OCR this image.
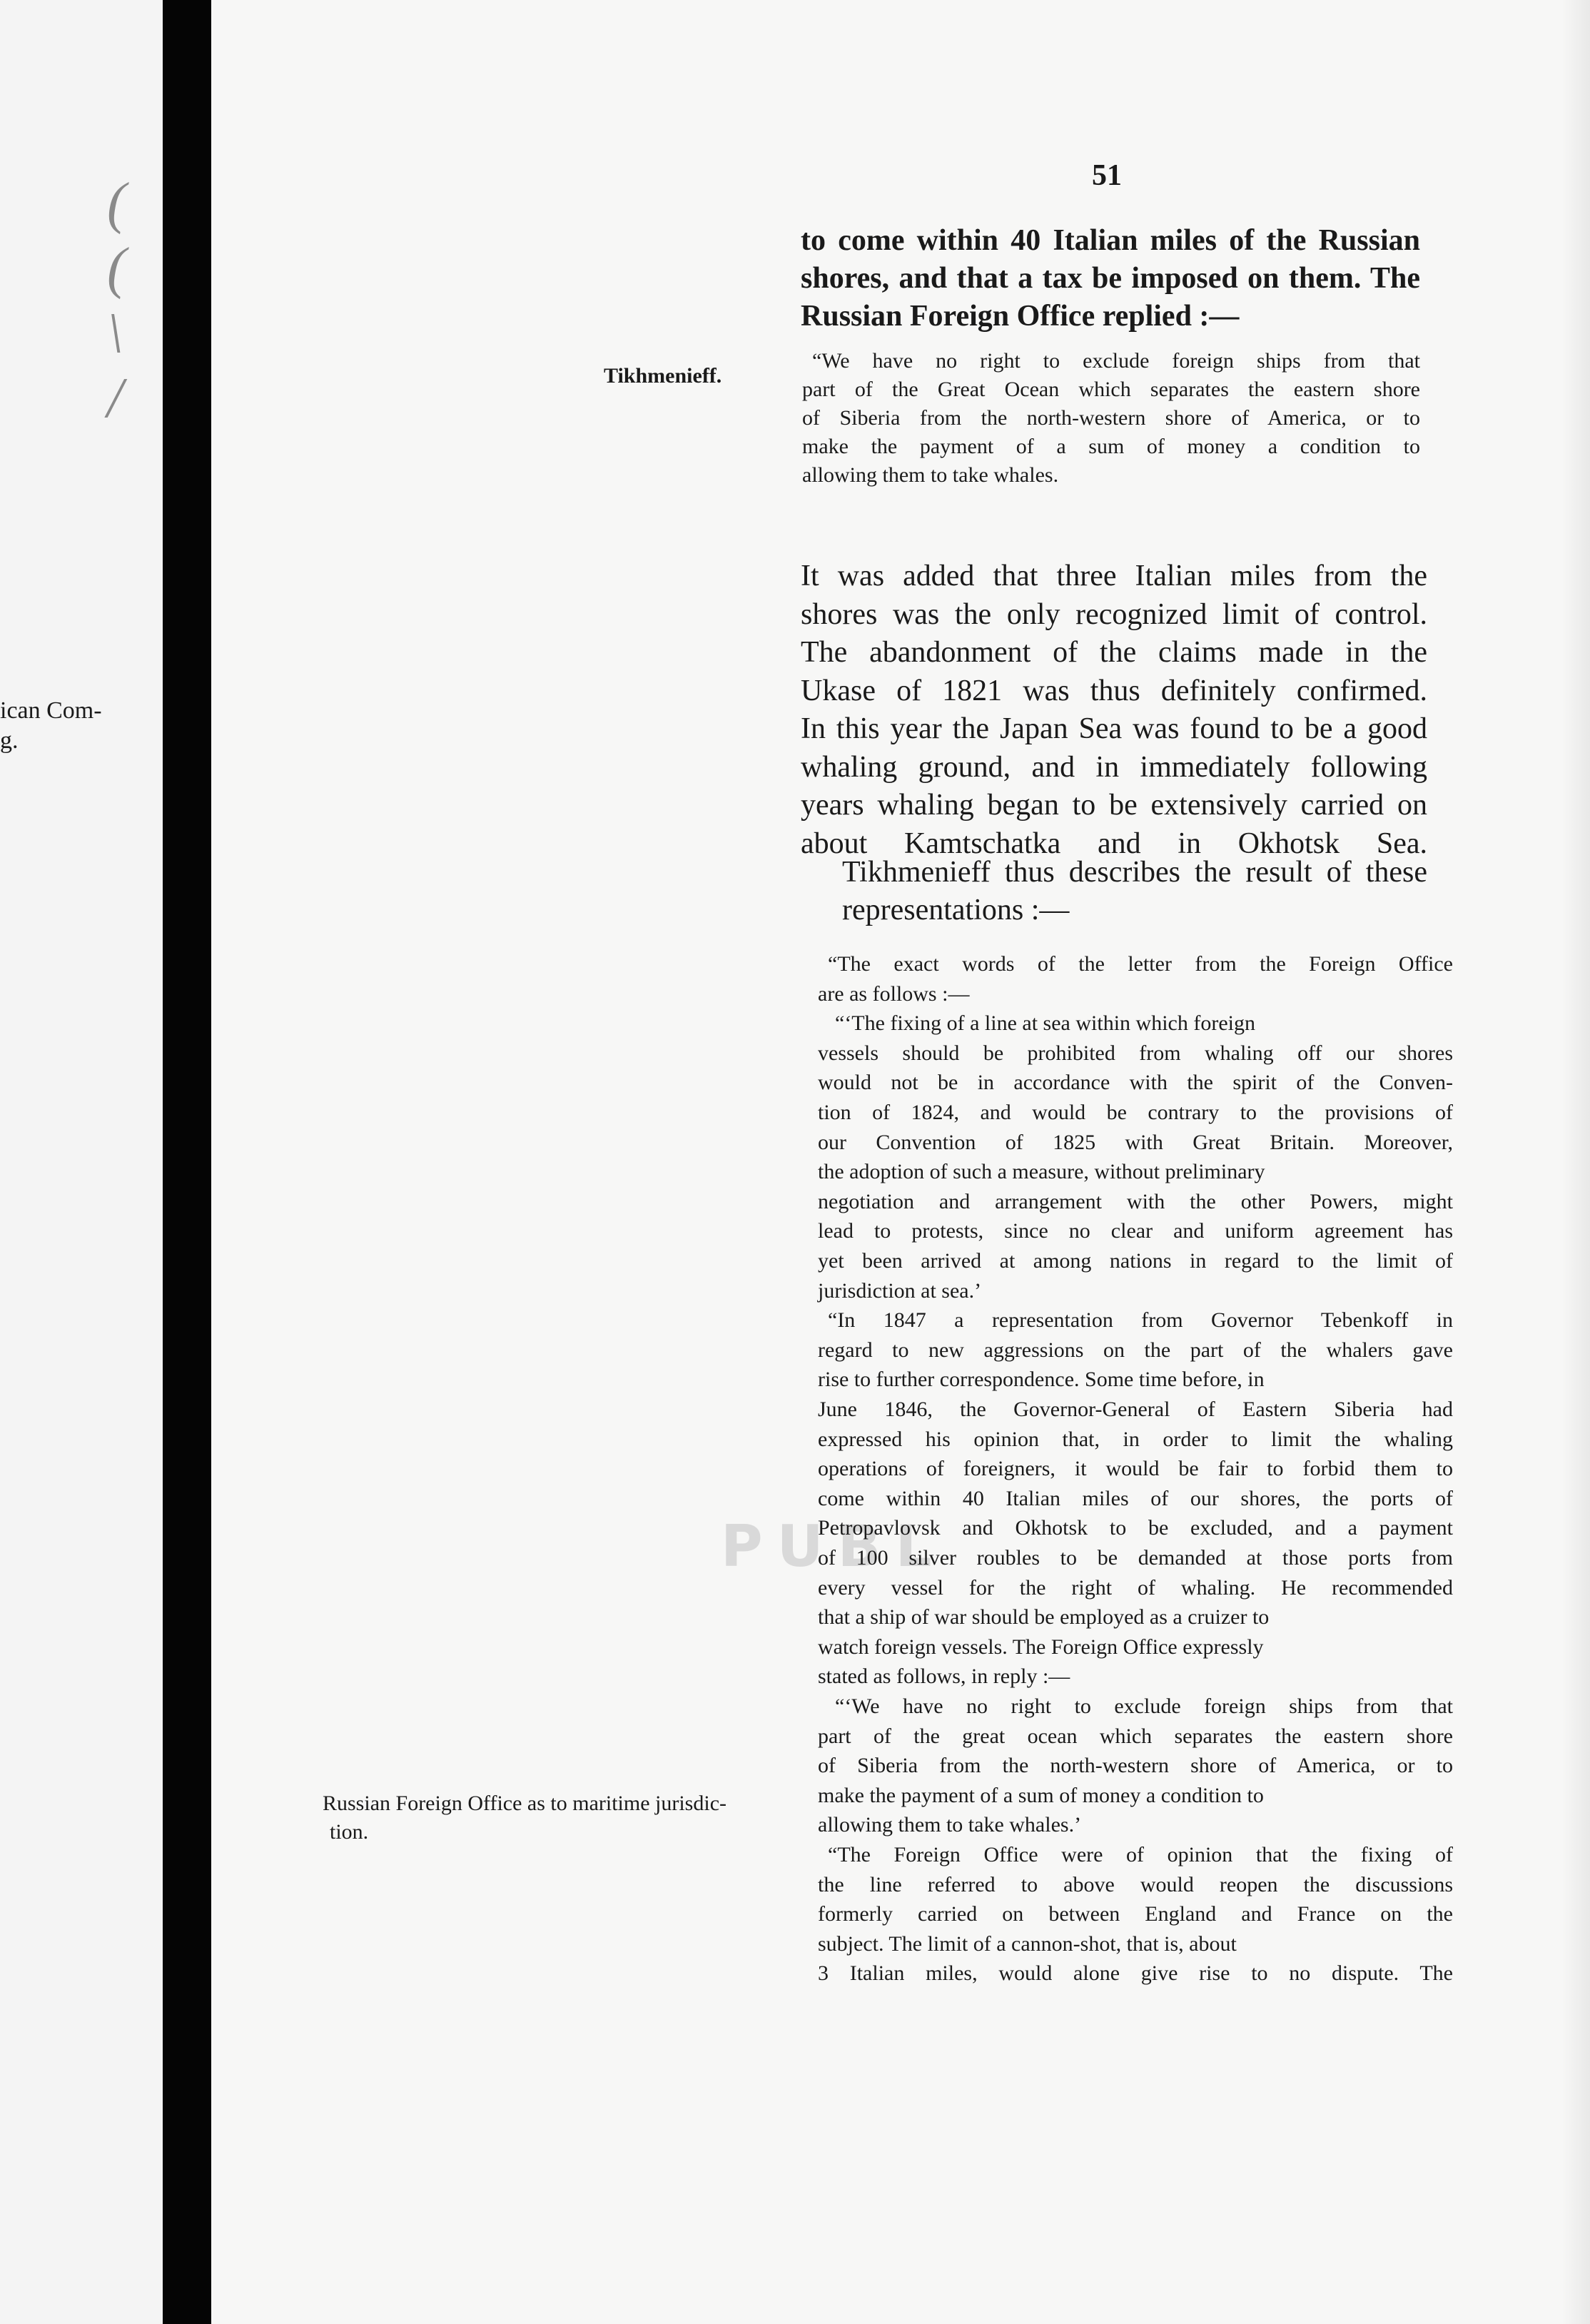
( ( \ /
ican Com-
g.
51
Tikhmenieff.
Russian Foreign Office as to maritime jurisdic-
tion.
PUBL
to come within 40 Italian miles of the Russian
shores, and that a tax be imposed on them. The
Russian Foreign Office replied :—
“We have no right to exclude foreign ships from that
part of the Great Ocean which separates the eastern shore
of Siberia from the north-western shore of America, or to
make the payment of a sum of money a condition to
allowing them to take whales.
It was added that three Italian miles from the
shores was the only recognized limit of control.
The abandonment of the claims made in the
Ukase of 1821 was thus definitely confirmed.
In this year the Japan Sea was found to be a good
whaling ground, and in immediately following
years whaling began to be extensively carried on
about Kamtschatka and in Okhotsk Sea.
Tikhmenieff thus describes the result of these
representations :—
“The exact words of the letter from the Foreign Office
are as follows :—
“‘The fixing of a line at sea within which foreign
vessels should be prohibited from whaling off our shores
would not be in accordance with the spirit of the Conven-
tion of 1824, and would be contrary to the provisions of
our Convention of 1825 with Great Britain. Moreover,
the adoption of such a measure, without preliminary
negotiation and arrangement with the other Powers, might
lead to protests, since no clear and uniform agreement has
yet been arrived at among nations in regard to the limit of
jurisdiction at sea.’
“In 1847 a representation from Governor Tebenkoff in
regard to new aggressions on the part of the whalers gave
rise to further correspondence. Some time before, in
June 1846, the Governor-General of Eastern Siberia had
expressed his opinion that, in order to limit the whaling
operations of foreigners, it would be fair to forbid them to
come within 40 Italian miles of our shores, the ports of
Petropavlovsk and Okhotsk to be excluded, and a payment
of 100 silver roubles to be demanded at those ports from
every vessel for the right of whaling. He recommended
that a ship of war should be employed as a cruizer to
watch foreign vessels. The Foreign Office expressly
stated as follows, in reply :—
“‘We have no right to exclude foreign ships from that
part of the great ocean which separates the eastern shore
of Siberia from the north-western shore of America, or to
make the payment of a sum of money a condition to
allowing them to take whales.’
“The Foreign Office were of opinion that the fixing of
the line referred to above would reopen the discussions
formerly carried on between England and France on the
subject. The limit of a cannon-shot, that is, about
3 Italian miles, would alone give rise to no dispute. The
